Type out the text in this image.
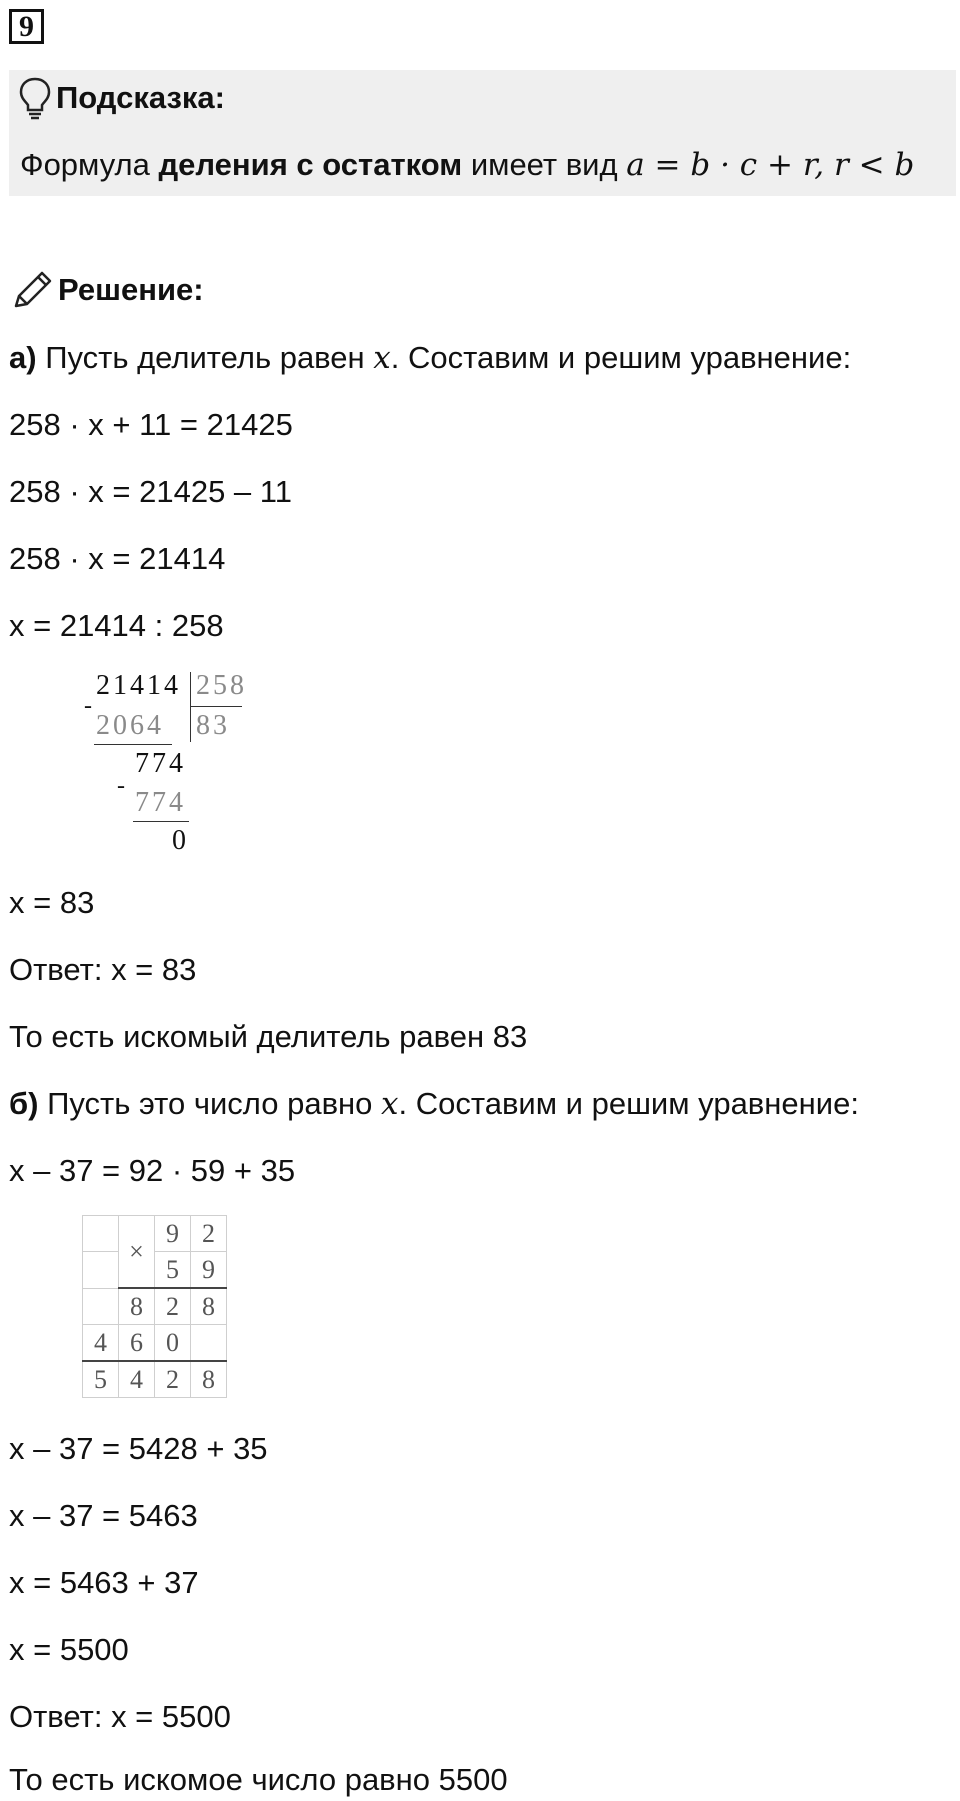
9
Подсказка:
Формула деления с остатком имеет вид a = b · c + r, r < b
Решение:
а) Пусть делитель равен x. Составим и решим уравнение:
258 · x + 11 = 21425
258 · x = 21425 – 11
258 · x = 21414
x = 21414 : 258
21414 258
-
2064 83
774
-
774
0
x = 83
Ответ: x = 83
То есть искомый делитель равен 83
б) Пусть это число равно x. Составим и решим уравнение:
x – 37 = 92 · 59 + 35
	×	9	2
		5	9
	8	2	8
4	6	0	
5	4	2	8
x – 37 = 5428 + 35
x – 37 = 5463
x = 5463 + 37
x = 5500
Ответ: x = 5500
То есть искомое число равно 5500
